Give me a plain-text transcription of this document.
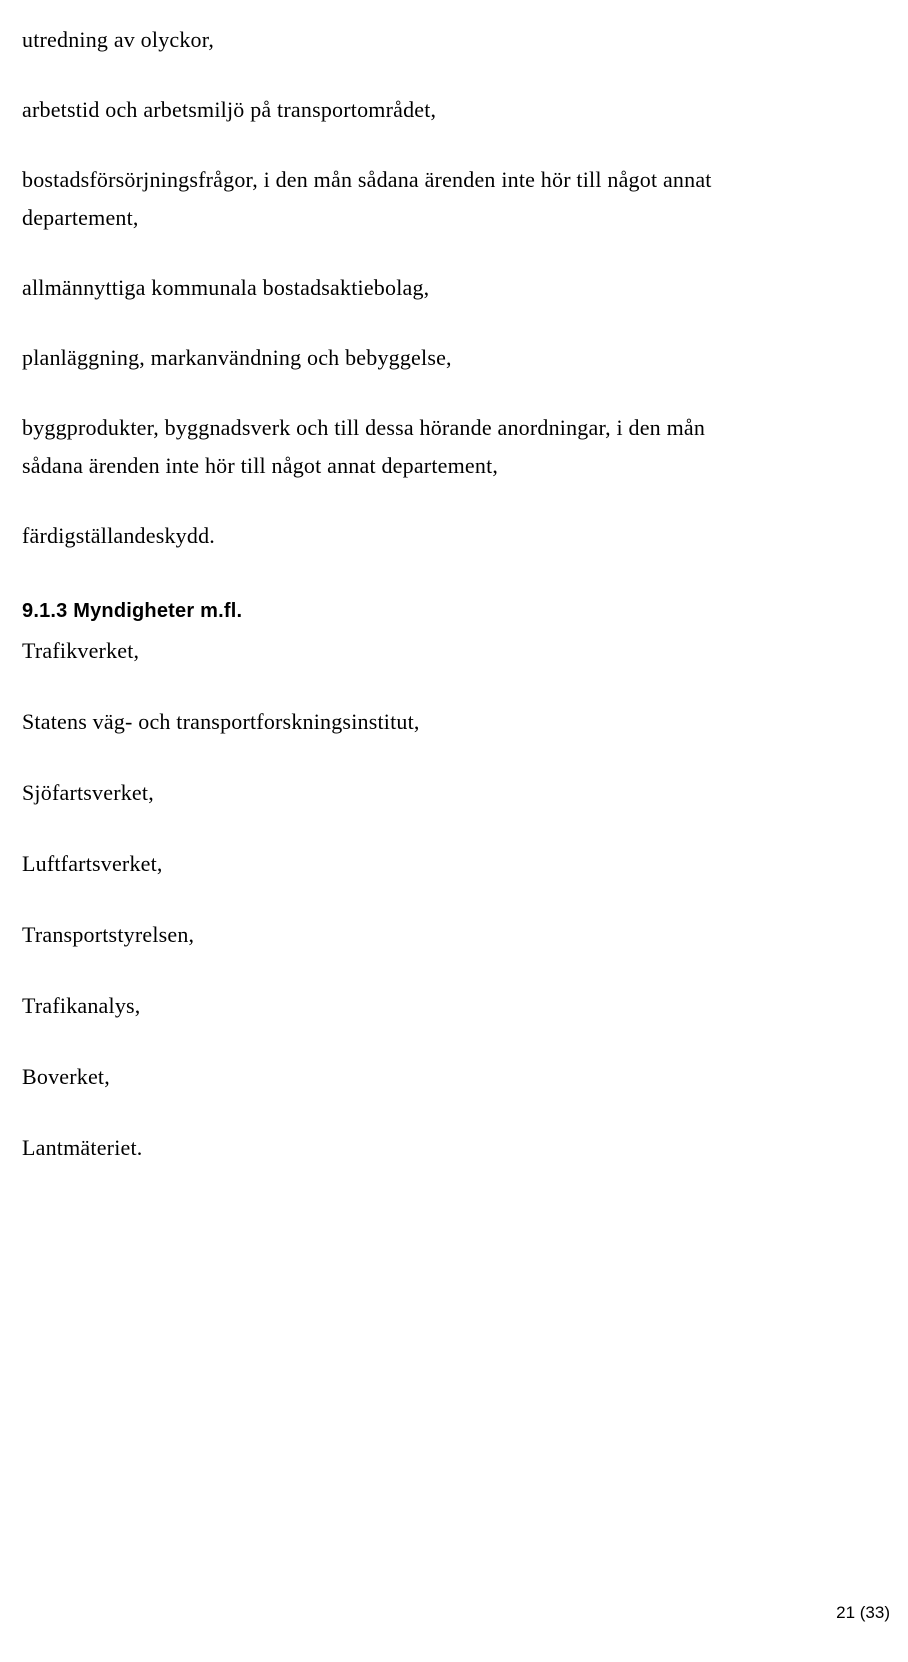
utredning av olyckor,

arbetstid och arbetsmiljö på transportområdet,

bostadsförsörjningsfrågor, i den mån sådana ärenden inte hör till något annat
departement,

allmännyttiga kommunala bostadsaktiebolag,

planläggning, markanvändning och bebyggelse,

byggprodukter, byggnadsverk och till dessa hörande anordningar, i den mån
sådana ärenden inte hör till något annat departement,

färdigställandeskydd.

9.1.3 Myndigheter m.fl.

Trafikverket,

Statens väg- och transportforskningsinstitut,

Sjöfartsverket,

Luftfartsverket,

Transportstyrelsen,

Trafikanalys,

Boverket,

Lantmäteriet.

21 (33)
